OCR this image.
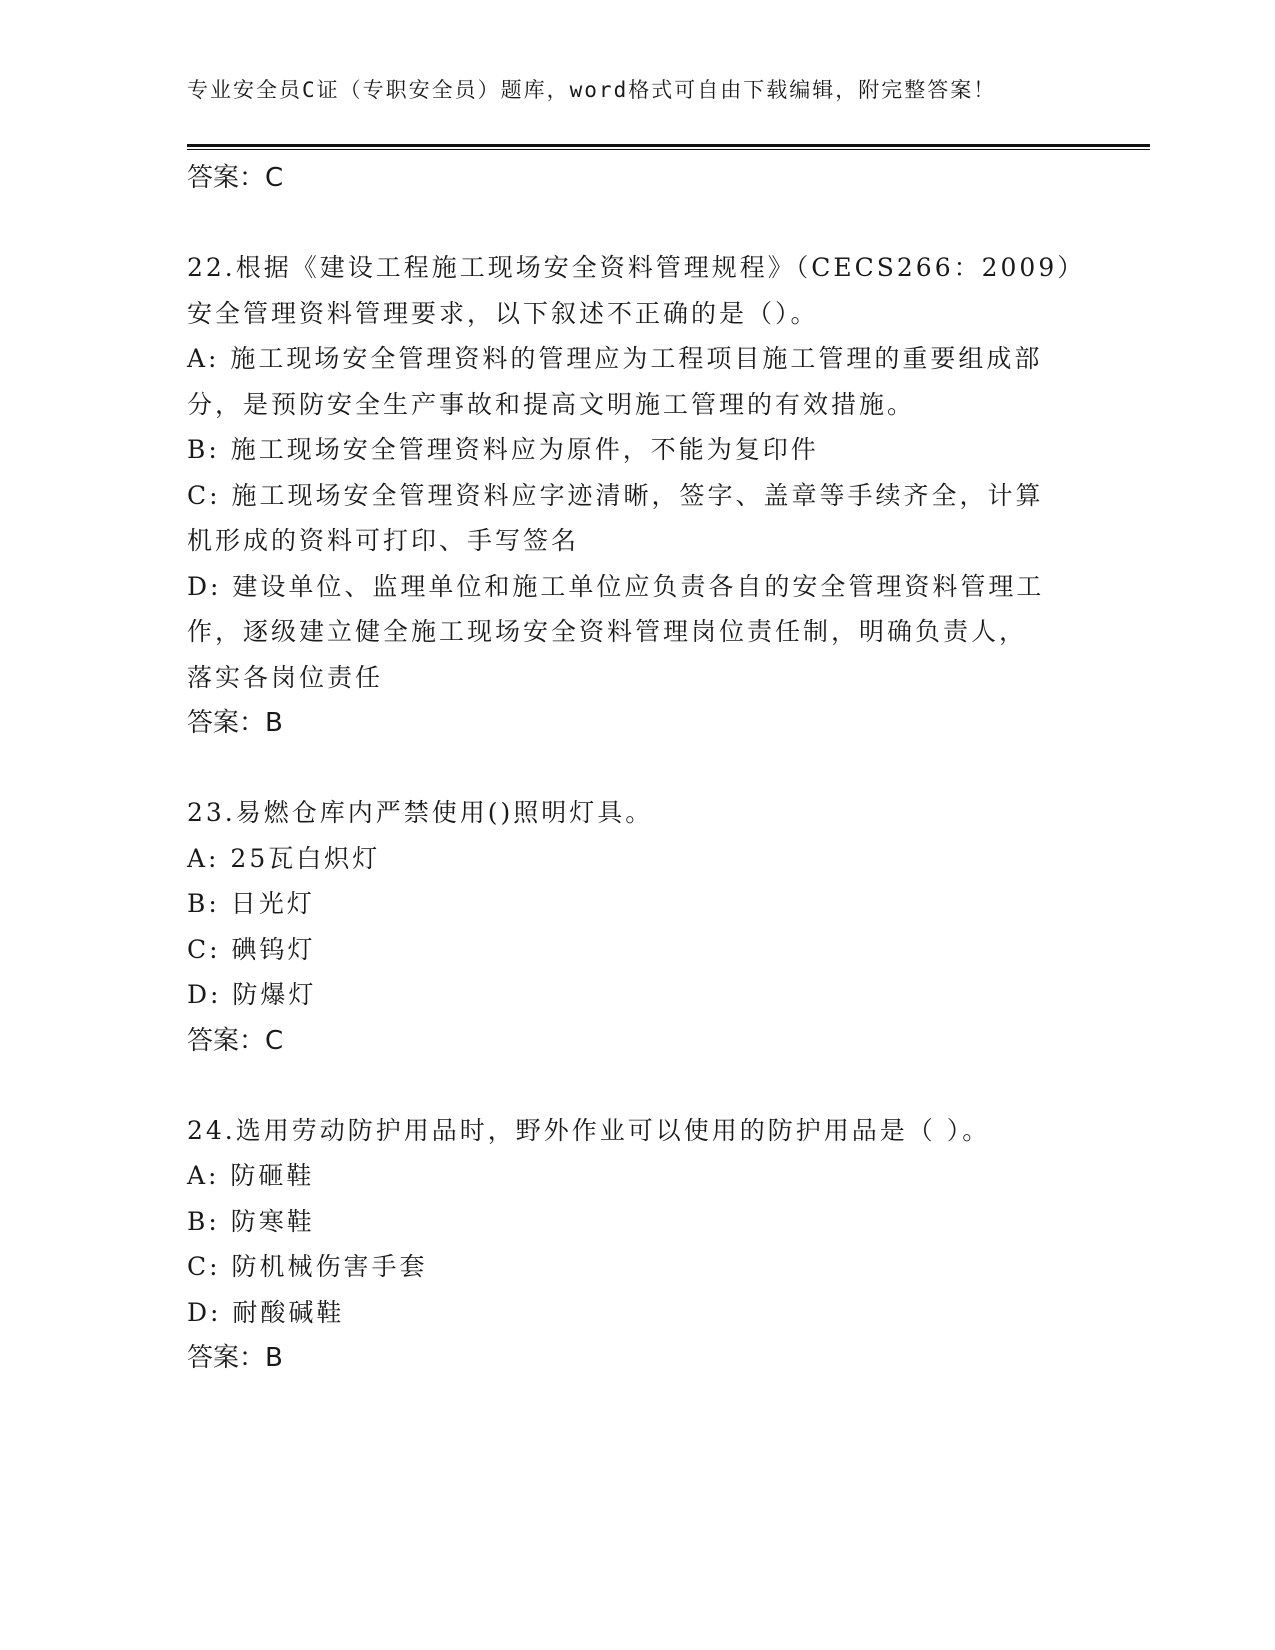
专业安全员C证（专职安全员）题库，word格式可自由下载编辑，附完整答案！
答案：C
22.根据《建设工程施工现场安全资料管理规程》（CECS266：2009）
安全管理资料管理要求，以下叙述不正确的是（）。
A: 施工现场安全管理资料的管理应为工程项目施工管理的重要组成部
分，是预防安全生产事故和提高文明施工管理的有效措施。
B: 施工现场安全管理资料应为原件，不能为复印件
C: 施工现场安全管理资料应字迹清晰，签字、盖章等手续齐全，计算
机形成的资料可打印、手写签名
D: 建设单位、监理单位和施工单位应负责各自的安全管理资料管理工
作，逐级建立健全施工现场安全资料管理岗位责任制，明确负责人，
落实各岗位责任
答案：B
23.易燃仓库内严禁使用()照明灯具。
A: 25瓦白炽灯
B: 日光灯
C: 碘钨灯
D: 防爆灯
答案：C
24.选用劳动防护用品时，野外作业可以使用的防护用品是（ ）。
A: 防砸鞋
B: 防寒鞋
C: 防机械伤害手套
D: 耐酸碱鞋
答案：B
